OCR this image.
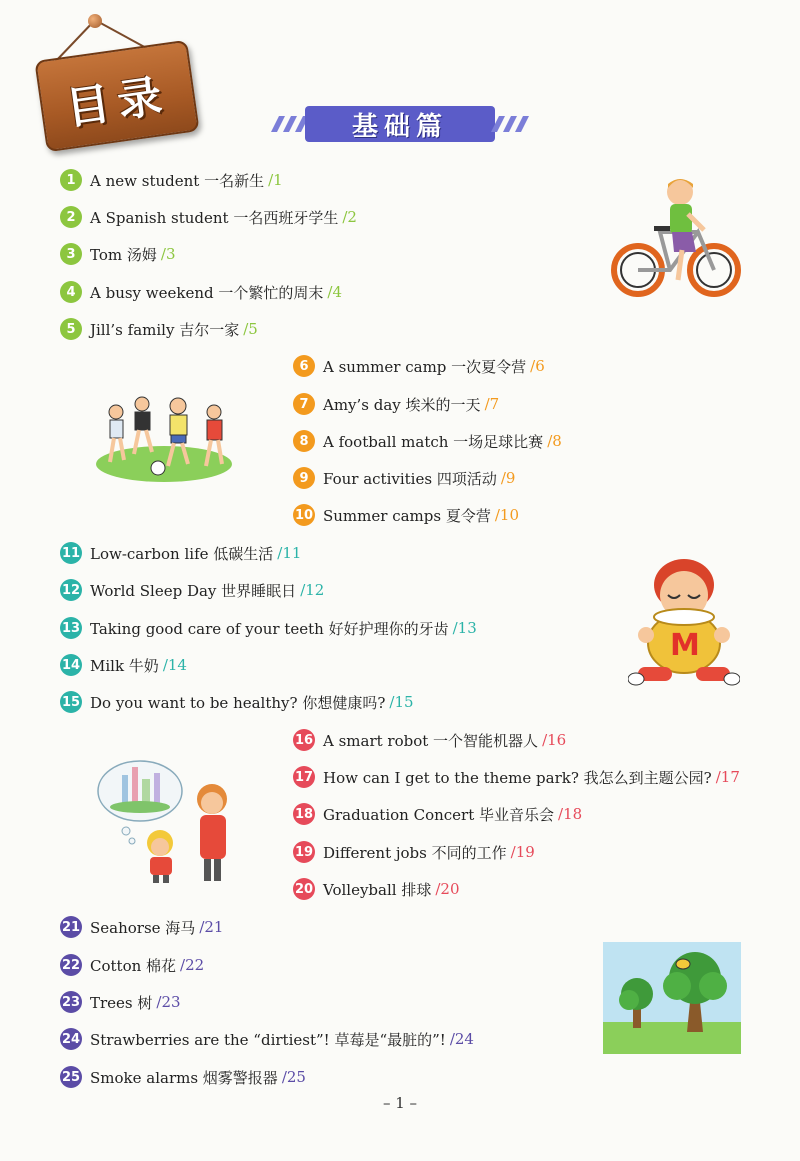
目录	基础篇
1 A new student 一名新生 / 1
2 A Spanish student 一名西班牙学生 / 2
3 Tom 汤姆 / 3
4 A busy weekend 一个繁忙的周末 / 4
5 Jill’s family 吉尔一家 / 5
6 A summer camp 一次夏令营 / 6
7 Amy’s day 埃米的一天 / 7
8 A football match 一场足球比赛 / 8
9 Four activities 四项活动 / 9
10 Summer camps 夏令营 / 10
11 Low-carbon life 低碳生活 / 11
12 World Sleep Day 世界睡眠日 / 12
13 Taking good care of your teeth 好好护理你的牙齿 / 13
14 Milk 牛奶 / 14
15 Do you want to be healthy? 你想健康吗? / 15
16 A smart robot 一个智能机器人 / 16
17 How can I get to the theme park? 我怎么到主题公园? / 17
18 Graduation Concert 毕业音乐会 / 18
19 Different jobs 不同的工作 / 19
20 Volleyball 排球 / 20
21 Seahorse 海马 / 21
22 Cotton 棉花 / 22
23 Trees 树 / 23
24 Strawberries are the “dirtiest”! 草莓是“最脏的”! / 24
25 Smoke alarms 烟雾警报器 / 25
M
– 1 –
